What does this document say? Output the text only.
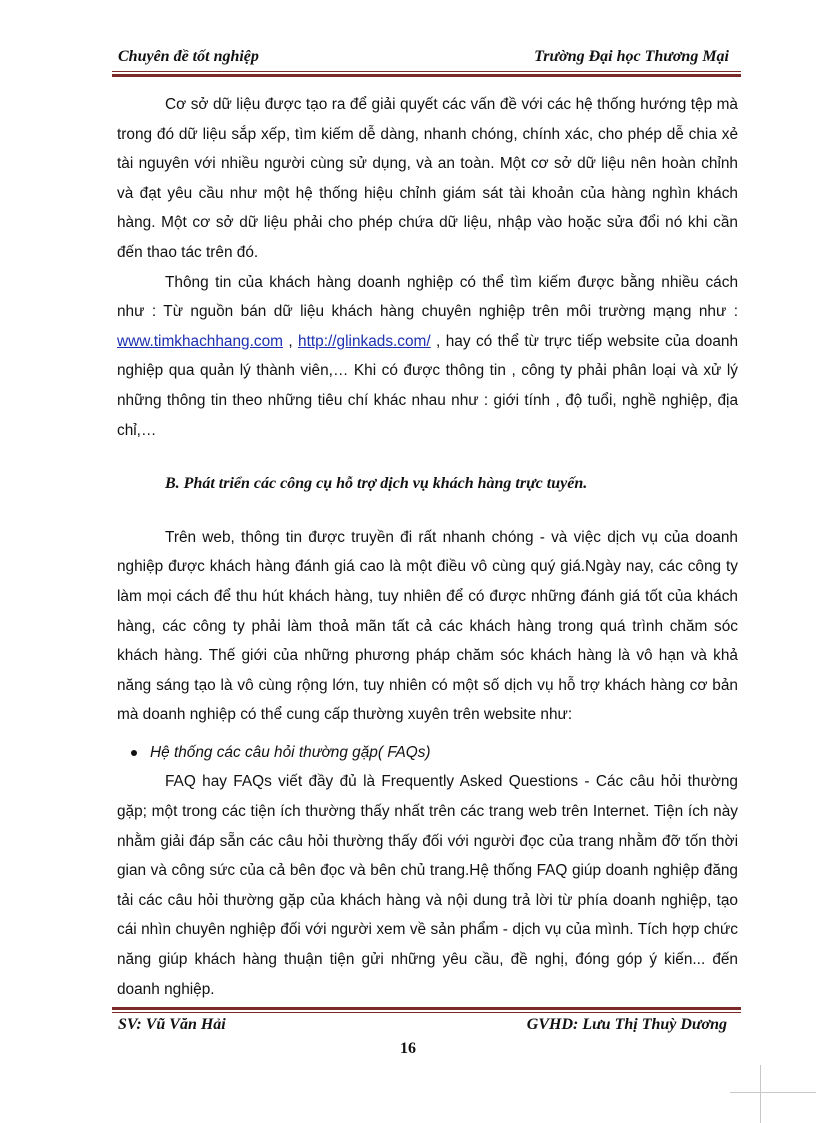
Chuyên đề tốt nghiệp	Trường Đại học Thương Mại

Cơ sở dữ liệu được tạo ra để giải quyết các vấn đề với các hệ thống hướng tệp mà trong đó dữ liệu sắp xếp, tìm kiếm dễ dàng, nhanh chóng, chính xác, cho phép dễ chia xẻ tài nguyên với nhiều người cùng sử dụng, và an toàn. Một cơ sở dữ liệu nên hoàn chỉnh và đạt yêu cầu như một hệ thống hiệu chỉnh giám sát tài khoản của hàng nghìn khách hàng. Một cơ sở dữ liệu phải cho phép chứa dữ liệu, nhập vào hoặc sửa đổi nó khi cần đến thao tác trên đó.

Thông tin của khách hàng doanh nghiệp có thể tìm kiếm được bằng nhiều cách như : Từ nguồn bán dữ liệu khách hàng chuyên nghiệp trên môi trường mạng như : www.timkhachhang.com , http://glinkads.com/ , hay có thể từ trực tiếp website của doanh nghiệp qua quản lý thành viên,… Khi có được thông tin , công ty phải phân loại và xử lý những thông tin theo những tiêu chí khác nhau như : giới tính , độ tuổi, nghề nghiệp, địa chỉ,…

B. Phát triển các công cụ hỗ trợ dịch vụ khách hàng trực tuyến.

Trên web, thông tin được truyền đi rất nhanh chóng - và việc dịch vụ của doanh nghiệp được khách hàng đánh giá cao là một điều vô cùng quý giá.Ngày nay, các công ty làm mọi cách để thu hút khách hàng, tuy nhiên để có được những đánh giá tốt của khách hàng, các công ty phải làm thoả mãn tất cả các khách hàng trong quá trình chăm sóc khách hàng. Thế giới của những phương pháp chăm sóc khách hàng là vô hạn và khả năng sáng tạo là vô cùng rộng lớn, tuy nhiên có một số dịch vụ hỗ trợ khách hàng cơ bản mà doanh nghiệp có thể cung cấp thường xuyên trên website như:

Hệ thống các câu hỏi thường gặp( FAQs)

FAQ hay FAQs viết đầy đủ là Frequently Asked Questions - Các câu hỏi thường gặp; một trong các tiện ích thường thấy nhất trên các trang web trên Internet. Tiện ích này nhằm giải đáp sẵn các câu hỏi thường thấy đối với người đọc của trang nhằm đỡ tốn thời gian và công sức của cả bên đọc và bên chủ trang.Hệ thống FAQ giúp doanh nghiệp đăng tải các câu hỏi thường gặp của khách hàng và nội dung trả lời từ phía doanh nghiệp, tạo cái nhìn chuyên nghiệp đối với người xem về sản phẩm - dịch vụ của mình. Tích hợp chức năng giúp khách hàng thuận tiện gửi những yêu cầu, đề nghị, đóng góp ý kiến... đến doanh nghiệp.

SV: Vũ Văn Hải	GVHD: Lưu Thị Thuỳ Dương
16
